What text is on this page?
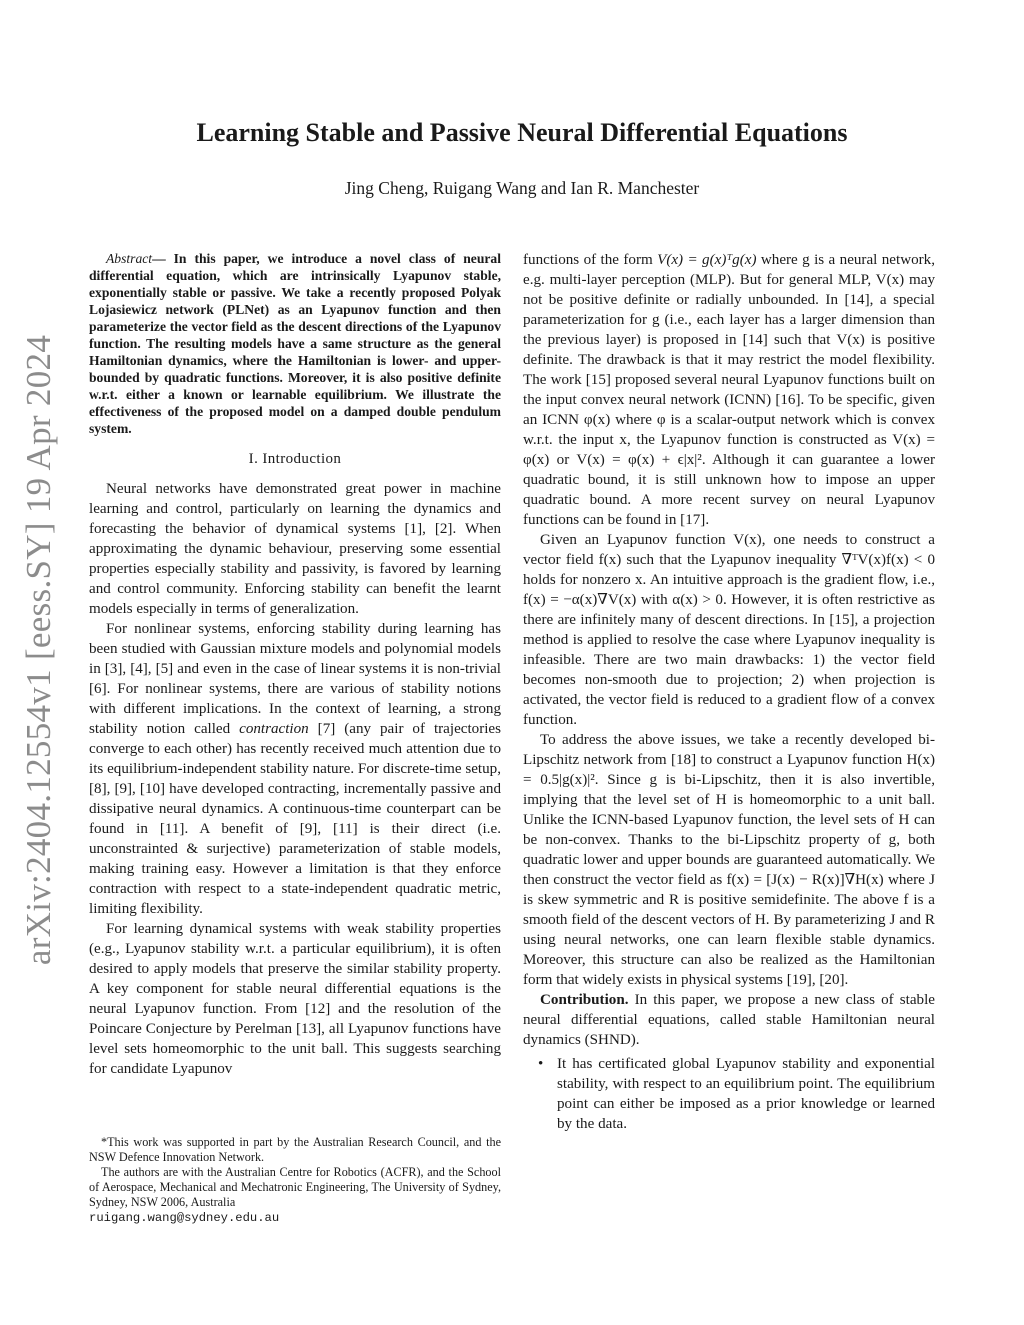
arXiv:2404.12554v1 [eess.SY] 19 Apr 2024
Learning Stable and Passive Neural Differential Equations

Jing Cheng, Ruigang Wang and Ian R. Manchester

Abstract— In this paper, we introduce a novel class of neural differential equation, which are intrinsically Lyapunov stable, exponentially stable or passive. We take a recently proposed Polyak Lojasiewicz network (PLNet) as an Lyapunov function and then parameterize the vector field as the descent directions of the Lyapunov function. The resulting models have a same structure as the general Hamiltonian dynamics, where the Hamiltonian is lower- and upper-bounded by quadratic functions. Moreover, it is also positive definite w.r.t. either a known or learnable equilibrium. We illustrate the effectiveness of the proposed model on a damped double pendulum system.

I. Introduction

Neural networks have demonstrated great power in machine learning and control, particularly on learning the dynamics and forecasting the behavior of dynamical systems [1], [2]. When approximating the dynamic behaviour, preserving some essential properties especially stability and passivity, is favored by learning and control community. Enforcing stability can benefit the learnt models especially in terms of generalization.

For nonlinear systems, enforcing stability during learning has been studied with Gaussian mixture models and polynomial models in [3], [4], [5] and even in the case of linear systems it is non-trivial [6]. For nonlinear systems, there are various of stability notions with different implications. In the context of learning, a strong stability notion called contraction [7] (any pair of trajectories converge to each other) has recently received much attention due to its equilibrium-independent stability nature. For discrete-time setup, [8], [9], [10] have developed contracting, incrementally passive and dissipative neural dynamics. A continuous-time counterpart can be found in [11]. A benefit of [9], [11] is their direct (i.e. unconstrainted & surjective) parameterization of stable models, making training easy. However a limitation is that they enforce contraction with respect to a state-independent quadratic metric, limiting flexibility.

For learning dynamical systems with weak stability properties (e.g., Lyapunov stability w.r.t. a particular equilibrium), it is often desired to apply models that preserve the similar stability property. A key component for stable neural differential equations is the neural Lyapunov function. From [12] and the resolution of the Poincare Conjecture by Perelman [13], all Lyapunov functions have level sets homeomorphic to the unit ball. This suggests searching for candidate Lyapunov

*This work was supported in part by the Australian Research Council, and the NSW Defence Innovation Network.

The authors are with the Australian Centre for Robotics (ACFR), and the School of Aerospace, Mechanical and Mechatronic Engineering, The University of Sydney, Sydney, NSW 2006, Australia
ruigang.wang@sydney.edu.au

functions of the form V(x) = g(x)ᵀg(x) where g is a neural network, e.g. multi-layer perception (MLP). But for general MLP, V(x) may not be positive definite or radially unbounded. In [14], a special parameterization for g (i.e., each layer has a larger dimension than the previous layer) is proposed in [14] such that V(x) is positive definite. The drawback is that it may restrict the model flexibility. The work [15] proposed several neural Lyapunov functions built on the input convex neural network (ICNN) [16]. To be specific, given an ICNN φ(x) where φ is a scalar-output network which is convex w.r.t. the input x, the Lyapunov function is constructed as V(x) = φ(x) or V(x) = φ(x) + ϵ|x|². Although it can guarantee a lower quadratic bound, it is still unknown how to impose an upper quadratic bound. A more recent survey on neural Lyapunov functions can be found in [17].

Given an Lyapunov function V(x), one needs to construct a vector field f(x) such that the Lyapunov inequality ∇ᵀV(x)f(x) < 0 holds for nonzero x. An intuitive approach is the gradient flow, i.e., f(x) = −α(x)∇V(x) with α(x) > 0. However, it is often restrictive as there are infinitely many of descent directions. In [15], a projection method is applied to resolve the case where Lyapunov inequality is infeasible. There are two main drawbacks: 1) the vector field becomes non-smooth due to projection; 2) when projection is activated, the vector field is reduced to a gradient flow of a convex function.

To address the above issues, we take a recently developed bi-Lipschitz network from [18] to construct a Lyapunov function H(x) = 0.5|g(x)|². Since g is bi-Lipschitz, then it is also invertible, implying that the level set of H is homeomorphic to a unit ball. Unlike the ICNN-based Lyapunov function, the level sets of H can be non-convex. Thanks to the bi-Lipschitz property of g, both quadratic lower and upper bounds are guaranteed automatically. We then construct the vector field as f(x) = [J(x) − R(x)]∇H(x) where J is skew symmetric and R is positive semidefinite. The above f is a smooth field of the descent vectors of H. By parameterizing J and R using neural networks, one can learn flexible stable dynamics. Moreover, this structure can also be realized as the Hamiltonian form that widely exists in physical systems [19], [20].

Contribution. In this paper, we propose a new class of stable neural differential equations, called stable Hamiltonian neural dynamics (SHND).

• It has certificated global Lyapunov stability and exponential stability, with respect to an equilibrium point. The equilibrium point can either be imposed as a prior knowledge or learned by the data.
